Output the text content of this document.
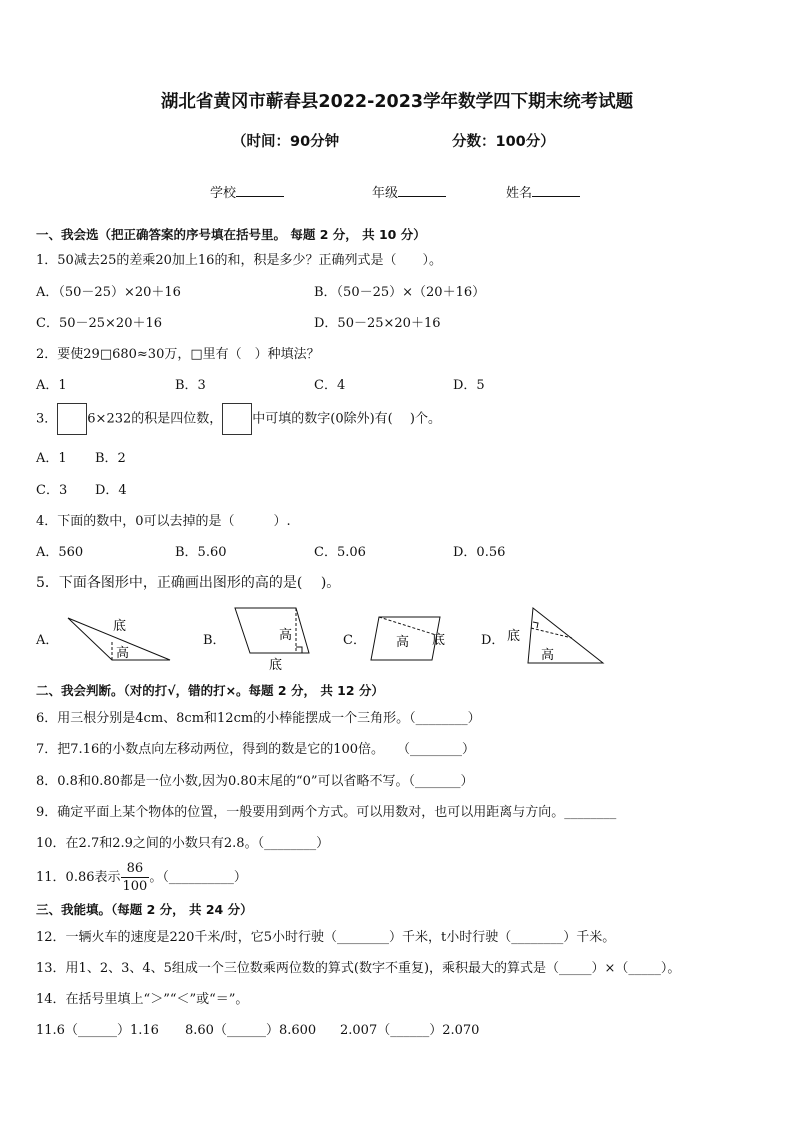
湖北省黄冈市蕲春县2022-2023学年数学四下期末统考试题
（时间：90分钟	分数：100分）
学校	年级	姓名
一、我会选（把正确答案的序号填在括号里。 每题 2 分， 共 10 分）
1．50减去25的差乘20加上16的和，积是多少？正确列式是（　　）。
A．（50－25）×20＋16	B．（50－25）×（20＋16）
C．50－25×20＋16	D．50－25×20＋16
2．要使29□680≈30万，□里有（　）种填法？
A．1	B．3	C．4	D．5
3． 6×232的积是四位数， 中可填的数字(0除外)有(　 )个。
A．1 B．2
C．3 D．4
4．下面的数中，0可以去掉的是（　　　）.
A．560	B．5.60	C．5.06	D．0.56
5．下面各图形中，正确画出图形的高的是(　 )。
A．	B．	C．	D．
底
高
高
底
高 底	底
高
二、我会判断。（对的打√，错的打×。每题 2 分， 共 12 分）
6．用三根分别是4cm、8cm和12cm的小棒能摆成一个三角形。（________）
7．把7.16的小数点向左移动两位，得到的数是它的100倍。　　（________）
8．0.8和0.80都是一位小数,因为0.80末尾的“0”可以省略不写。（_______）
9．确定平面上某个物体的位置，一般要用到两个方式。可以用数对，也可以用距离与方向。________
10．在2.7和2.9之间的小数只有2.8。（________）
11．0.86表示 $\frac{86}{100}$ 。（__________）
三、我能填。（每题 2 分， 共 24 分）
12．一辆火车的速度是220千米/时，它5小时行驶（________）千米，t小时行驶（________）千米。
13．用1、2、3、4、5组成一个三位数乘两位数的算式(数字不重复)，乘积最大的算式是（_____）×（_____）。
14．在括号里填上“＞”“＜”或“＝”。
11.6（______）1.16 8.60（______）8.600 2.007（______）2.070
